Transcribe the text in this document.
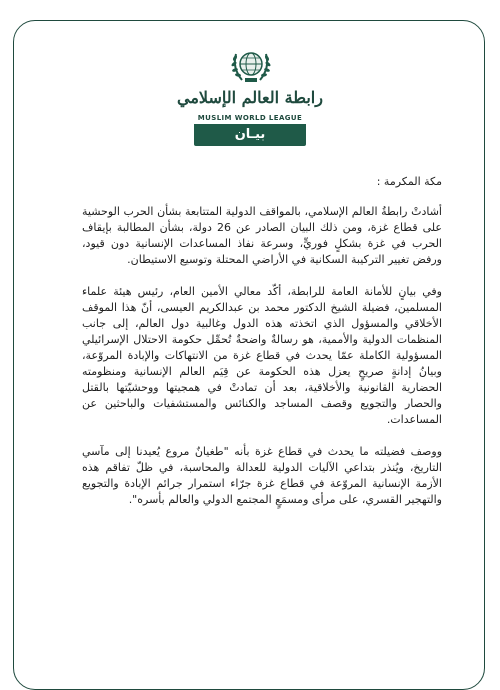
رابطة العالم الإسلامي
MUSLIM WORLD LEAGUE
بيـان

مكة المكرمة :

أشادتْ رابطةُ العالم الإسلامي، بالمواقف الدولية المتتابعة بشأن الحرب الوحشية على قطاع غزة، ومن ذلك البيان الصادر عن 26 دولة، بشأن المطالبة بإيقاف الحرب في غزة بشكلٍ فوريٍّ، وسرعة نفاذ المساعدات الإنسانية دون قيود، ورفض تغيير التركيبة السكانية في الأراضي المحتلة وتوسيع الاستيطان.

وفي بيانٍ للأمانة العامة للرابطة، أكّد معالي الأمين العام، رئيس هيئة علماء المسلمين، فضيلة الشيخ الدكتور محمد بن عبدالكريم العيسى، أنّ هذا الموقف الأخلاقي والمسؤول الذي اتخذته هذه الدول وغالبية دول العالم، إلى جانب المنظمات الدولية والأممية، هو رسالةٌ واضحةٌ تُحمِّل حكومة الاحتلال الإسرائيلي المسؤولية الكاملة عمّا يحدث في قطاع غزة من الانتهاكات والإبادة المروّعة، وبيانُ إدانةٍ صريحٍ يعزل هذه الحكومة عن قِيَم العالم الإنسانية ومنظومته الحضارية القانونية والأخلاقية، بعد أن تمادتْ في همجيتها ووحشيّتها بالقتل والحصار والتجويع وقصف المساجد والكنائس والمستشفيات والباحثين عن المساعدات.

ووصف فضيلته ما يحدث في قطاع غزة بأنه "طغيانٌ مروع يُعيدنا إلى مآسي التاريخ، ويُنذر بتداعي الآليات الدولية للعدالة والمحاسبة، في ظلّ تفاقم هذه الأزمة الإنسانية المروّعة في قطاع غزة جرّاء استمرار جرائم الإبادة والتجويع والتهجير القسري، على مرأى ومسمَعٍ المجتمع الدولي والعالم بأسره".
